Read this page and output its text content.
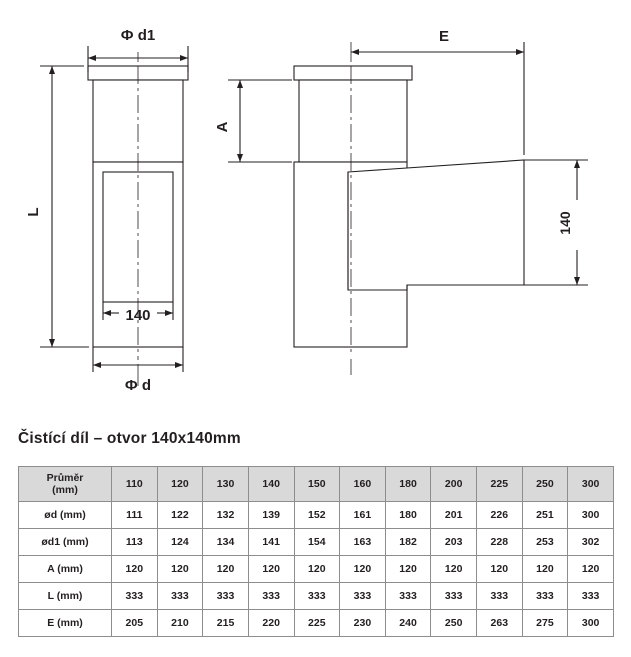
Ф d1
Ф d
L
A
E
140
140
Čistící díl – otvor 140x140mm
Průměr
(mm)	110	120	130	140	150	160	180	200	225	250	300
ød (mm)	111	122	132	139	152	161	180	201	226	251	300
ød1 (mm)	113	124	134	141	154	163	182	203	228	253	302
A (mm)	120	120	120	120	120	120	120	120	120	120	120
L (mm)	333	333	333	333	333	333	333	333	333	333	333
E (mm)	205	210	215	220	225	230	240	250	263	275	300
